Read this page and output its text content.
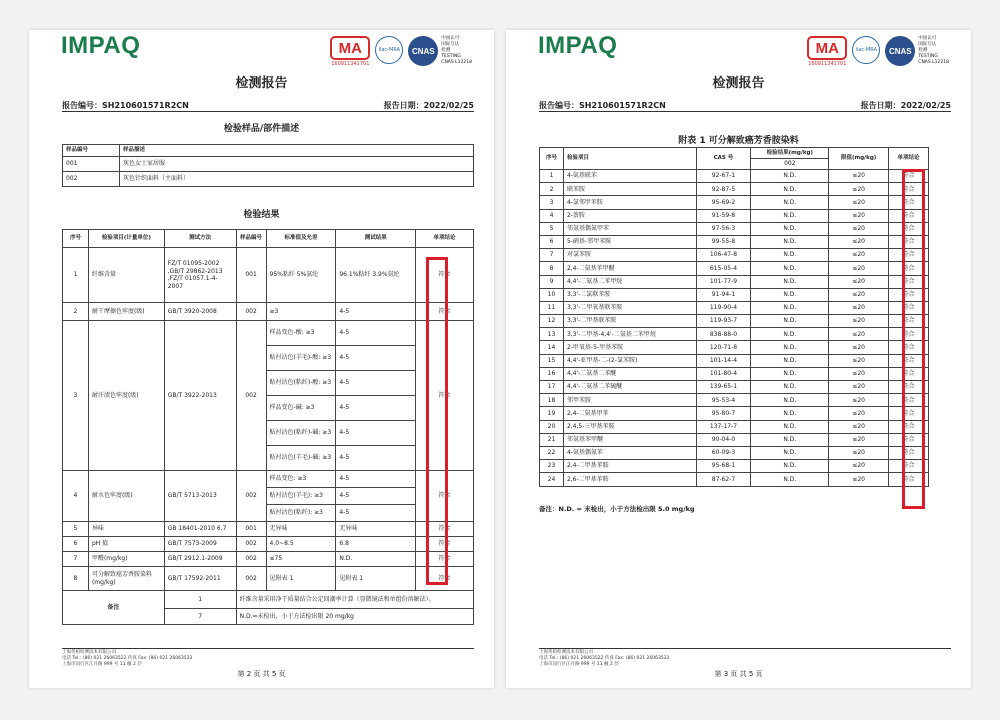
IMPAQ	MA
160911341701
ilac-MRA	CNAS
中国认可
国际互认
检测
TESTING
CNAS L12218
检测报告
报告编号：SH210601571R2CN	报告日期：2022/02/25
检验样品/部件描述
样品编号	样品描述
001	灰色女士家居服
002	灰色针织面料（主面料）
检验结果
序号	检验项目(计量单位)	测试方法	样品编号	标准值及允差	测试结果	单项结论
1	纤维含量	FZ/T 01095-2002 ,GB/T 29862-2013 ,FZ/T 01057.1-4-2007	001	95%粘纤 5%氨纶	96.1%粘纤 3.9%氨纶	符合
2	耐干摩擦色牢度(级)	GB/T 3920-2008	002	≥3	4-5	符合
3	耐汗渍色牢度(级)	GB/T 3922-2013	002	样品变色-酸: ≥3	4-5	符合
				贴衬沾色(羊毛)-酸: ≥3	4-5	
				贴衬沾色(粘纤)-酸: ≥3	4-5	
				样品变色-碱: ≥3	4-5	
				贴衬沾色(粘纤)-碱: ≥3	4-5	
				贴衬沾色(羊毛)-碱: ≥3	4-5	
4	耐水色牢度(级)	GB/T 5713-2013	002	样品变色: ≥3	4-5	符合
				贴衬沾色(羊毛): ≥3	4-5	
				贴衬沾色(粘纤): ≥3	4-5	
5	异味	GB 18401-2010 6.7	001	无异味	无异味	符合
6	pH 值	GB/T 7573-2009	002	4.0~8.5	6.8	符合
7	甲醛(mg/kg)	GB/T 2912.1-2009	002	≤75	N.D.	符合
8	可分解致癌芳香胺染料(mg/kg)	GB/T 17592-2011	002	见附表 1	见附表 1	符合
备注		1	纤维含量采用净干质量结合公定回潮率计算（显微镜法和单组份溶解法）。			
		7	N.D.=未检出，小于方法检出限 20 mg/kg			
上海英柏检测技术有限公司
电话 Tel.: (86) 021 26063522 传真 Fax: (86) 021 26063533
上海市闵行区江月路 999 号 11 幢 2 层
第 2 页 共 5 页
IMPAQ	MA
160911341701
ilac-MRA	CNAS
中国认可
国际互认
检测
TESTING
CNAS L12218
检测报告
报告编号：SH210601571R2CN	报告日期：2022/02/25
附表 1 可分解致癌芳香胺染料
序号	检验项目	CAS 号	检验结果(mg/kg)	限值(mg/kg)	单项结论
			002		
1	4-氨基联苯	92-67-1	N.D.	≤20	符合
2	联苯胺	92-87-5	N.D.	≤20	符合
3	4-氯邻甲苯胺	95-69-2	N.D.	≤20	符合
4	2-萘胺	91-59-8	N.D.	≤20	符合
5	邻氨基偶氮甲苯	97-56-3	N.D.	≤20	符合
6	5-硝基-邻甲苯胺	99-55-8	N.D.	≤20	符合
7	对氯苯胺	106-47-8	N.D.	≤20	符合
8	2,4-二氨基苯甲醚	615-05-4	N.D.	≤20	符合
9	4,4'-二氨基二苯甲烷	101-77-9	N.D.	≤20	符合
10	3,3'-二氯联苯胺	91-94-1	N.D.	≤20	符合
11	3,3'-二甲氧基联苯胺	119-90-4	N.D.	≤20	符合
12	3,3'-二甲基联苯胺	119-93-7	N.D.	≤20	符合
13	3,3'-二甲基-4,4'-二氨基二苯甲烷	838-88-0	N.D.	≤20	符合
14	2-甲氧基-5-甲基苯胺	120-71-8	N.D.	≤20	符合
15	4,4'-亚甲基-二-(2-氯苯胺)	101-14-4	N.D.	≤20	符合
16	4,4'-二氨基二苯醚	101-80-4	N.D.	≤20	符合
17	4,4'-二氨基二苯硫醚	139-65-1	N.D.	≤20	符合
18	邻甲苯胺	95-53-4	N.D.	≤20	符合
19	2,4-二氨基甲苯	95-80-7	N.D.	≤20	符合
20	2,4,5-三甲基苯胺	137-17-7	N.D.	≤20	符合
21	邻氨基苯甲醚	90-04-0	N.D.	≤20	符合
22	4-氨基偶氮苯	60-09-3	N.D.	≤20	符合
23	2,4-二甲基苯胺	95-68-1	N.D.	≤20	符合
24	2,6-二甲基苯胺	87-62-7	N.D.	≤20	符合
备注：N.D. = 未检出，小于方法检出限 5.0 mg/kg
上海英柏检测技术有限公司
电话 Tel.: (86) 021 26063522 传真 Fax: (86) 021 26063533
上海市闵行区江月路 999 号 11 幢 2 层
第 3 页 共 5 页
